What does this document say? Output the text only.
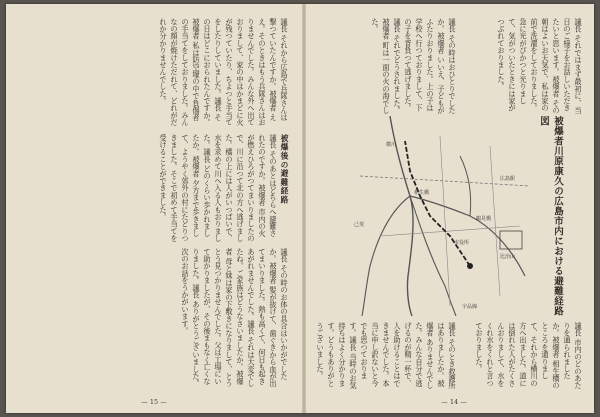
議長 それから広島で兵隊さんは撃つていたんですか。被爆者 ええ。そのときはもう兵隊さんはおりませんでした。みんな外へ出ておりまして、家の中はかまどに火が残つていたり、ちよつと手当てをしたりしていました。議長 その日はどこにおられたんですか。被爆者 私は防空壕の中で負傷者の手当てをしておりました。みんなの顔が焼けただれて、どれがだれか分かりませんでした。

被爆後の避難経路

議長 そのあとはどちらへ避難されたのですか。被爆者 市内の火が燃えひろがつてまいりましたので、川に沿つて北の方へ逃げました。橋の上には人がいつぱいで、水を求めて川へ入る人もおりました。議長 どのくらい歩かれましたか。被爆者 夕方まで歩きまして、ようやく郊外の村にたどりつきました。そこで初めて手当てを受けることができました。

議長 その時のお体の具合はいかがでしたか。被爆者 髪が抜けて、歯ぐきから血が出てまいりました。熱も高くて、何日も起きあがれませんでした。議長 それは大変でしたね。ご家族はどうなさいましたか。被爆者 母と妹は家の下敷きになりまして、とうとう見つかりませんでした。父は工場にいて助かりましたが、その後まもなく亡くなりました。議長 ありがとうございました。次のお話をうかがいます。

— 15 —

議長 それではまず最初に、当日のご様子をお話しいただきたいと思います。被爆者 その朝はよいお天気で、私は家の前で洗濯をしておりました。急に光がぴかつと光りまして、気がついたときには家がつぶれておりました。

議長 その時はおひとりでしたか。被爆者 いいえ、子どもがふたりおりました。上の子は学校へ行つておりまして、下の子を背負つて逃げました。議長 それでどうされました。被爆者 町は一面の火の海でした。

相生橋
横川
広島駅
比治山
己斐
宇品線
市役所
鶴見橋	被爆者川原康久の広島市内における避難経路図

議長 市内のどのあたりを通られましたか。被爆者 相生橋のところを通りまして、それから横川の方へ出ました。道には倒れた人がたくさんおりまして、水をくれ水をくれと言つておりました。

議長 そのとき救護所はありましたか。被爆者 ありませんでした。みんな自分で逃げるのが精一杯で、人を助けることはできませんでした。本当に申し訳ないと今でも思つております。議長 当時のお気持ちはよく分かります。どうもありがとうございました。

— 14 —
